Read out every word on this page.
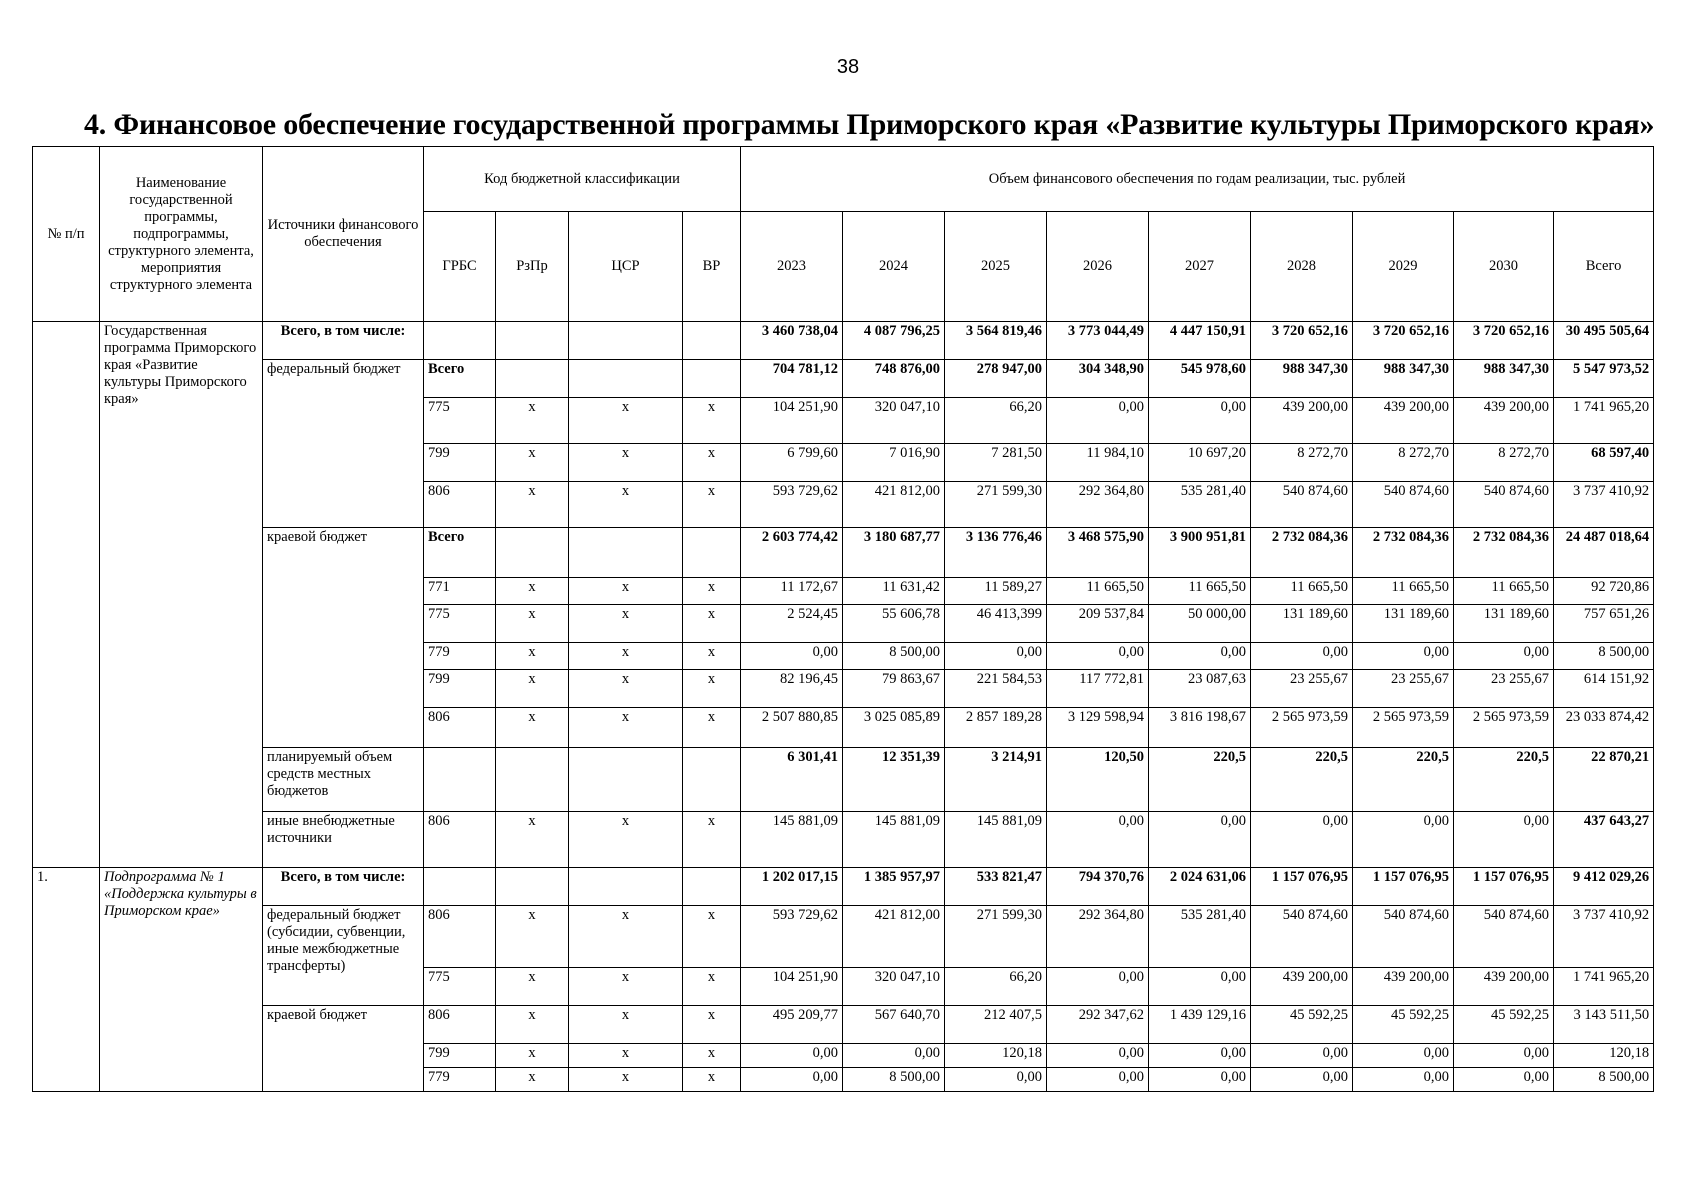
38
4. Финансовое обеспечение государственной программы Приморского края «Развитие культуры Приморского края»
№ п/п	Наименование государственной программы, подпрограммы, структурного элемента, мероприятия структурного элемента	Источники финансового обеспечения	Код бюджетной классификации				Объем финансового обеспечения по годам реализации, тыс. рублей								
			ГРБС	РзПр	ЦСР	ВР	2023	2024	2025	2026	2027	2028	2029	2030	Всего
	Государственная программа Приморского края «Развитие культуры Приморского края»	Всего, в том числе:					3 460 738,04	4 087 796,25	3 564 819,46	3 773 044,49	4 447 150,91	3 720 652,16	3 720 652,16	3 720 652,16	30 495 505,64
		федеральный бюджет	Всего				704 781,12	748 876,00	278 947,00	304 348,90	545 978,60	988 347,30	988 347,30	988 347,30	5 547 973,52
			775	х	х	х	104 251,90	320 047,10	66,20	0,00	0,00	439 200,00	439 200,00	439 200,00	1 741 965,20
			799	х	х	х	6 799,60	7 016,90	7 281,50	11 984,10	10 697,20	8 272,70	8 272,70	8 272,70	68 597,40
			806	х	х	х	593 729,62	421 812,00	271 599,30	292 364,80	535 281,40	540 874,60	540 874,60	540 874,60	3 737 410,92
		краевой бюджет	Всего				2 603 774,42	3 180 687,77	3 136 776,46	3 468 575,90	3 900 951,81	2 732 084,36	2 732 084,36	2 732 084,36	24 487 018,64
			771	х	х	х	11 172,67	11 631,42	11 589,27	11 665,50	11 665,50	11 665,50	11 665,50	11 665,50	92 720,86
			775	х	х	х	2 524,45	55 606,78	46 413,399	209 537,84	50 000,00	131 189,60	131 189,60	131 189,60	757 651,26
			779	х	х	х	0,00	8 500,00	0,00	0,00	0,00	0,00	0,00	0,00	8 500,00
			799	х	х	х	82 196,45	79 863,67	221 584,53	117 772,81	23 087,63	23 255,67	23 255,67	23 255,67	614 151,92
			806	х	х	х	2 507 880,85	3 025 085,89	2 857 189,28	3 129 598,94	3 816 198,67	2 565 973,59	2 565 973,59	2 565 973,59	23 033 874,42
		планируемый объем средств местных бюджетов					6 301,41	12 351,39	3 214,91	120,50	220,5	220,5	220,5	220,5	22 870,21
		иные внебюджетные источники	806	х	х	х	145 881,09	145 881,09	145 881,09	0,00	0,00	0,00	0,00	0,00	437 643,27
1.	Подпрограмма № 1 «Поддержка культуры в Приморском крае»	Всего, в том числе:					1 202 017,15	1 385 957,97	533 821,47	794 370,76	2 024 631,06	1 157 076,95	1 157 076,95	1 157 076,95	9 412 029,26
		федеральный бюджет (субсидии, субвенции, иные межбюджетные трансферты)	806	х	х	х	593 729,62	421 812,00	271 599,30	292 364,80	535 281,40	540 874,60	540 874,60	540 874,60	3 737 410,92
			775	х	х	х	104 251,90	320 047,10	66,20	0,00	0,00	439 200,00	439 200,00	439 200,00	1 741 965,20
		краевой бюджет	806	х	х	х	495 209,77	567 640,70	212 407,5	292 347,62	1 439 129,16	45 592,25	45 592,25	45 592,25	3 143 511,50
			799	х	х	х	0,00	0,00	120,18	0,00	0,00	0,00	0,00	0,00	120,18
			779	х	х	х	0,00	8 500,00	0,00	0,00	0,00	0,00	0,00	0,00	8 500,00
